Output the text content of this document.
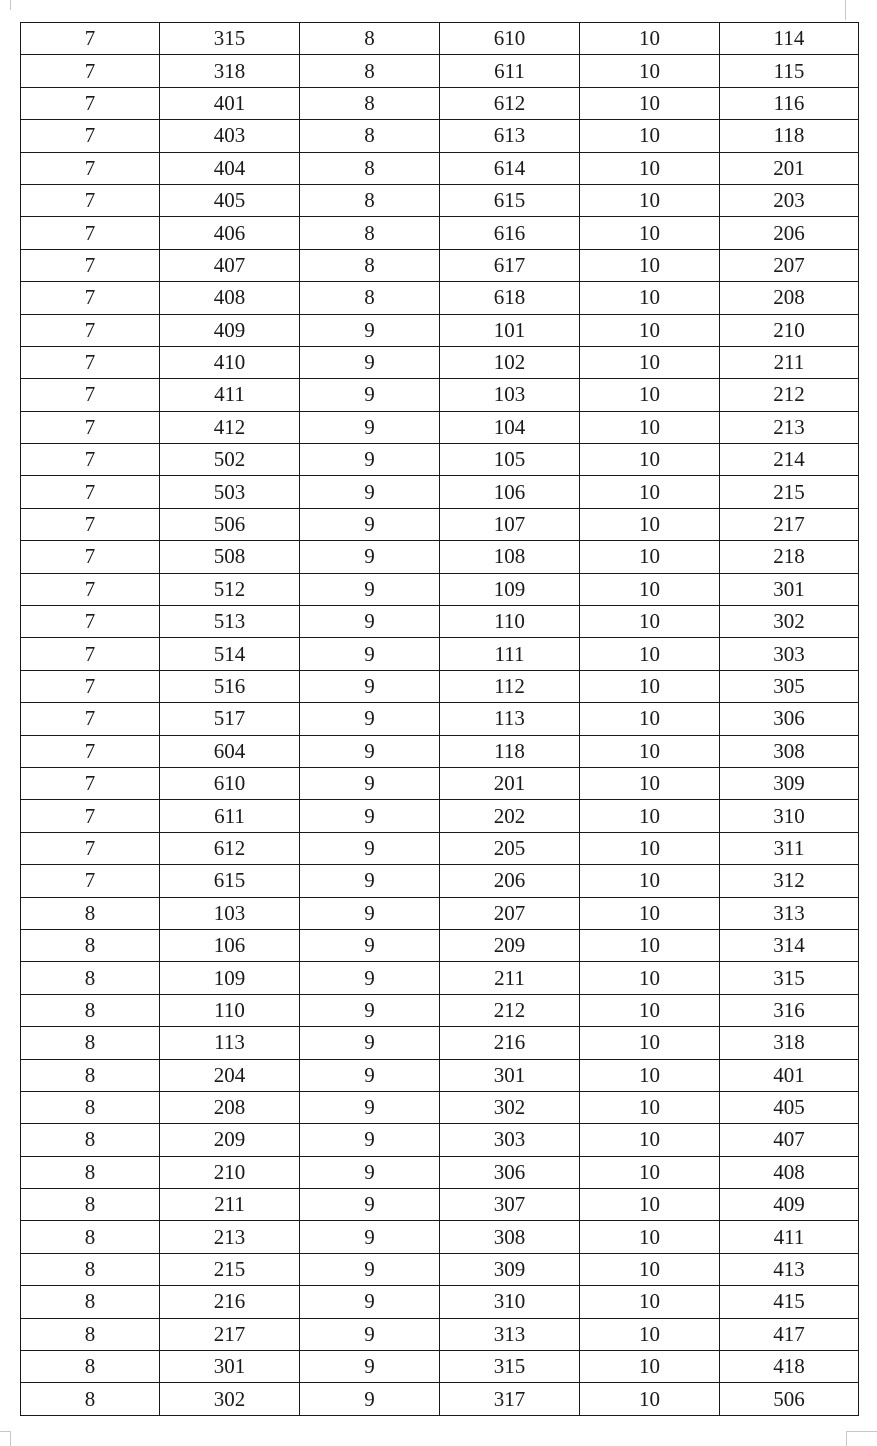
7	315	8	610	10	114
7	318	8	611	10	115
7	401	8	612	10	116
7	403	8	613	10	118
7	404	8	614	10	201
7	405	8	615	10	203
7	406	8	616	10	206
7	407	8	617	10	207
7	408	8	618	10	208
7	409	9	101	10	210
7	410	9	102	10	211
7	411	9	103	10	212
7	412	9	104	10	213
7	502	9	105	10	214
7	503	9	106	10	215
7	506	9	107	10	217
7	508	9	108	10	218
7	512	9	109	10	301
7	513	9	110	10	302
7	514	9	111	10	303
7	516	9	112	10	305
7	517	9	113	10	306
7	604	9	118	10	308
7	610	9	201	10	309
7	611	9	202	10	310
7	612	9	205	10	311
7	615	9	206	10	312
8	103	9	207	10	313
8	106	9	209	10	314
8	109	9	211	10	315
8	110	9	212	10	316
8	113	9	216	10	318
8	204	9	301	10	401
8	208	9	302	10	405
8	209	9	303	10	407
8	210	9	306	10	408
8	211	9	307	10	409
8	213	9	308	10	411
8	215	9	309	10	413
8	216	9	310	10	415
8	217	9	313	10	417
8	301	9	315	10	418
8	302	9	317	10	506
